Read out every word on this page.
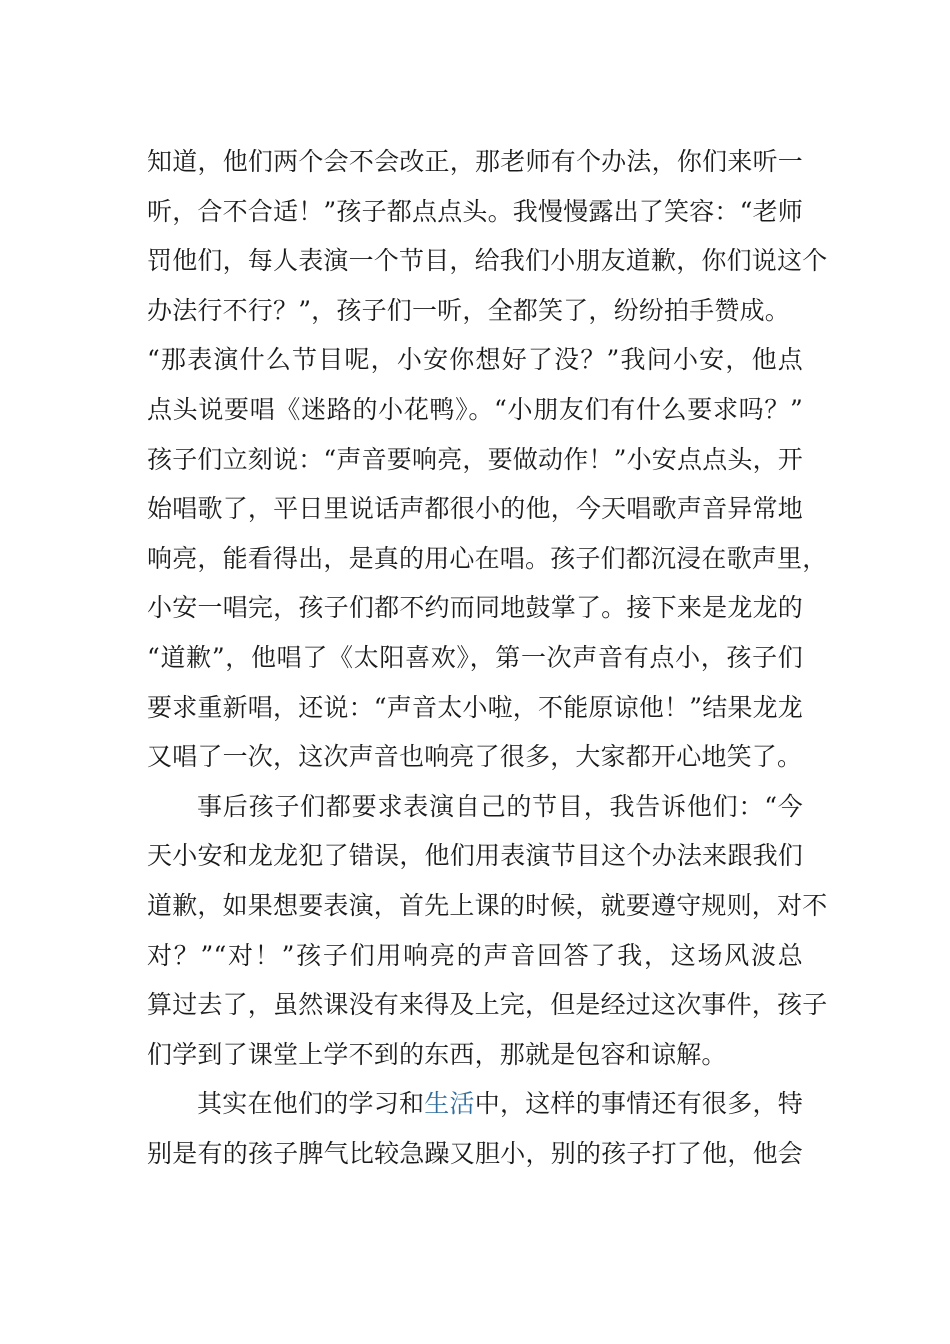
知道，他们两个会不会改正，那老师有个办法，你们来听一
听，合不合适！”孩子都点点头。我慢慢露出了笑容：“老师
罚他们，每人表演一个节目，给我们小朋友道歉，你们说这个
办法行不行？”，孩子们一听，全都笑了，纷纷拍手赞成。
“那表演什么节目呢，小安你想好了没？”我问小安，他点
点头说要唱《迷路的小花鸭》。“小朋友们有什么要求吗？”
孩子们立刻说：“声音要响亮，要做动作！”小安点点头，开
始唱歌了，平日里说话声都很小的他，今天唱歌声音异常地
响亮，能看得出，是真的用心在唱。孩子们都沉浸在歌声里，
小安一唱完，孩子们都不约而同地鼓掌了。接下来是龙龙的
“道歉”，他唱了《太阳喜欢》，第一次声音有点小，孩子们
要求重新唱，还说：“声音太小啦，不能原谅他！”结果龙龙
又唱了一次，这次声音也响亮了很多，大家都开心地笑了。
事后孩子们都要求表演自己的节目，我告诉他们：“今
天小安和龙龙犯了错误，他们用表演节目这个办法来跟我们
道歉，如果想要表演，首先上课的时候，就要遵守规则，对不
对？”“对！”孩子们用响亮的声音回答了我，这场风波总
算过去了，虽然课没有来得及上完，但是经过这次事件，孩子
们学到了课堂上学不到的东西，那就是包容和谅解。
其实在他们的学习和生活中，这样的事情还有很多，特
别是有的孩子脾气比较急躁又胆小，别的孩子打了他，他会
